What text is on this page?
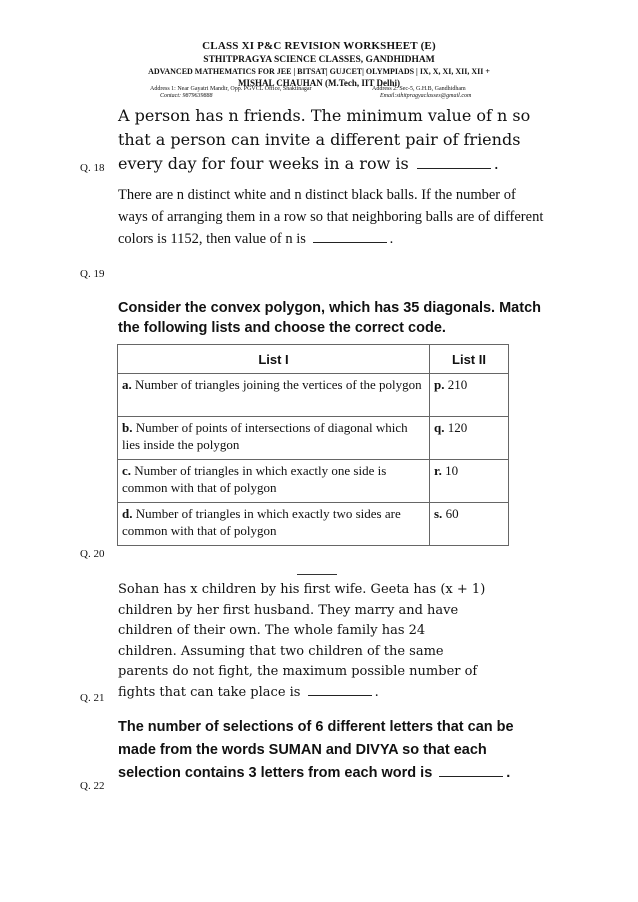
CLASS XI P&C REVISION WORKSHEET (E)
STHITPRAGYA SCIENCE CLASSES, GANDHIDHAM
ADVANCED MATHEMATICS FOR JEE | BITSAT| GUJCET| OLYMPIADS | IX, X, XI, XII, XII +
MISHAL CHAUHAN (M.Tech, IIT Delhi)
Address 1: Near Gayatri Mandir, Opp. PGVCL Office, Shaktinagar
Contact: 9879639888
Address 2: Sec-5, G.H.B, Gandhidham
Email:sthitpragyaclasses@gmail.com
A person has n friends. The minimum value of n so that a person can invite a different pair of friends every day for four weeks in a row is	.
Q. 18
There are n distinct white and n distinct black balls. If the number of ways of arranging them in a row so that neighboring balls are of different colors is 1152, then value of n is	.
Q. 19
Consider the convex polygon, which has 35 diagonals. Match the following lists and choose the correct code.
List I	List II
a. Number of triangles joining the vertices of the polygon	p. 210
b. Number of points of intersections of diagonal which lies inside the polygon	q. 120
c. Number of triangles in which exactly one side is common with that of polygon	r. 10
d. Number of triangles in which exactly two sides are common with that of polygon	s. 60
Q. 20
Sohan has x children by his first wife. Geeta has (x + 1) children by her first husband. They marry and have children of their own. The whole family has 24 children. Assuming that two children of the same parents do not fight, the maximum possible number of fights that can take place is	.
Q. 21
The number of selections of 6 different letters that can be made from the words SUMAN and DIVYA so that each selection contains 3 letters from each word is	.
Q. 22
